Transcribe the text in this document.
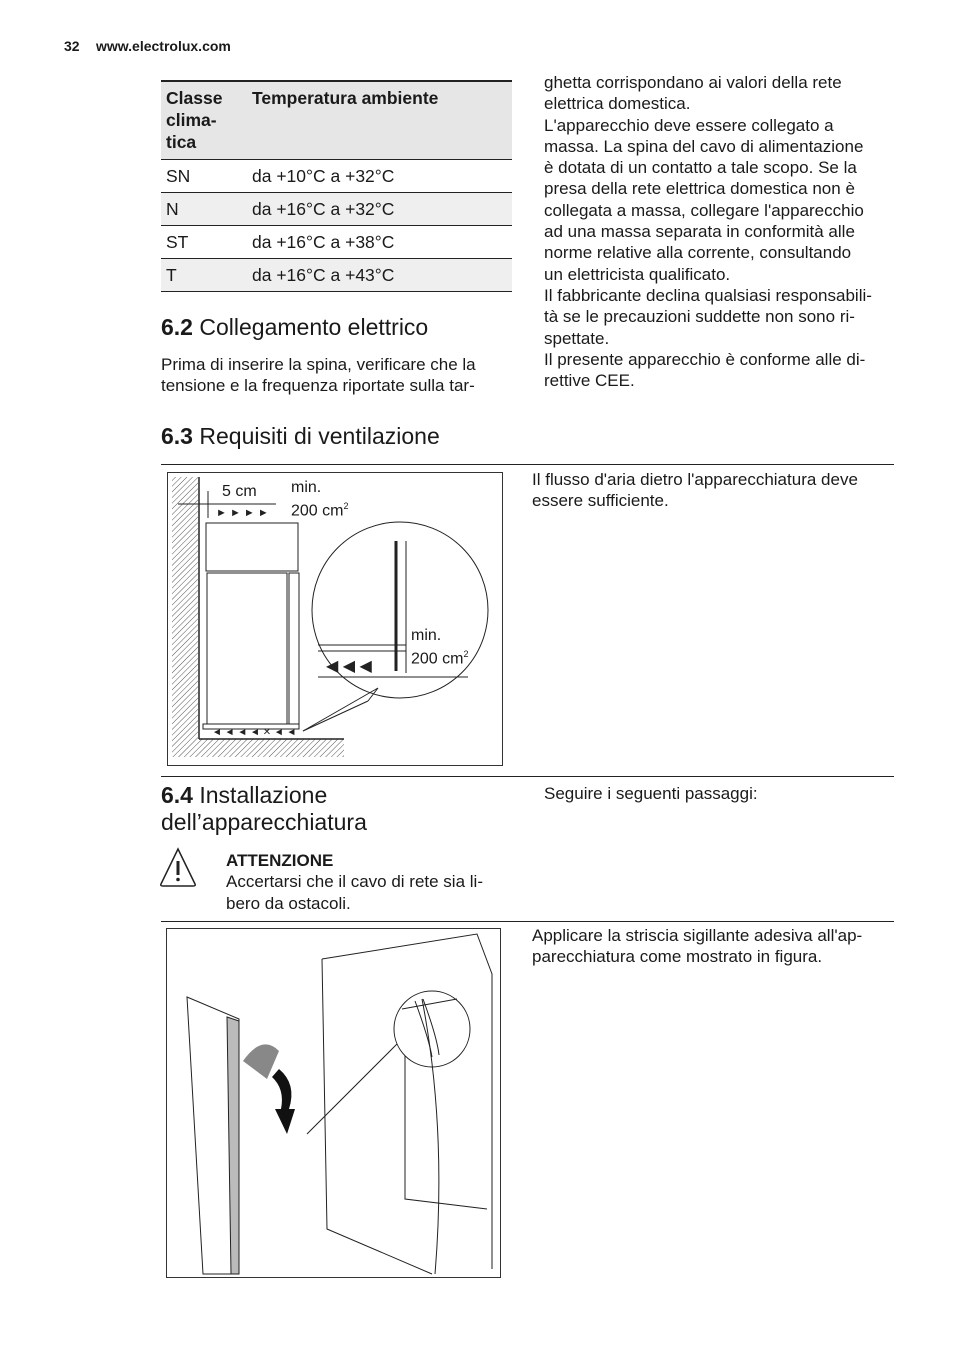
32 www.electrolux.com
Classe
clima-
tica	Temperatura ambiente
SN	da +10°C a +32°C
N	da +16°C a +32°C
ST	da +16°C a +38°C
T	da +16°C a +43°C
6.2 Collegamento elettrico
Prima di inserire la spina, verificare che la
tensione e la frequenza riportate sulla tar-
ghetta corrispondano ai valori della rete
elettrica domestica.
L'apparecchio deve essere collegato a
massa. La spina del cavo di alimentazione
è dotata di un contatto a tale scopo. Se la
presa della rete elettrica domestica non è
collegata a massa, collegare l'apparecchio
ad una massa separata in conformità alle
norme relative alla corrente, consultando
un elettricista qualificato.
Il fabbricante declina qualsiasi responsabili-
tà se le precauzioni suddette non sono ri-
spettate.
Il presente apparecchio è conforme alle di-
rettive CEE.
6.3 Requisiti di ventilazione
► ► ► ►
◄ ◄ ◄ ◄ ✕ ◄ ◄
◀ ◀ ◀
5 cm min.
200 $cm^2$
min.
200 $cm^2$
Il flusso d'aria dietro l'apparecchiatura deve
essere sufficiente.
6.4 Installazione
dell’apparecchiatura
Seguire i seguenti passaggi:
ATTENZIONE
Accertarsi che il cavo di rete sia li-
bero da ostacoli.
Applicare la striscia sigillante adesiva all'ap-
parecchiatura come mostrato in figura.
